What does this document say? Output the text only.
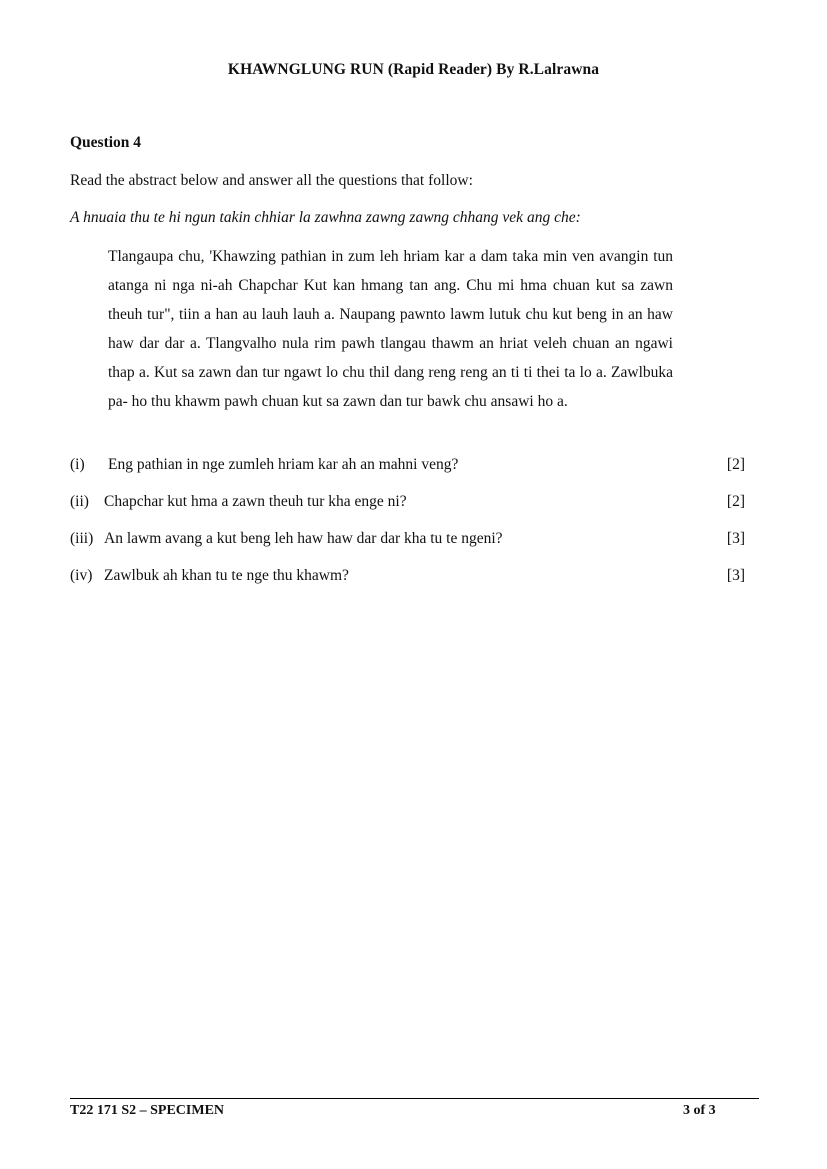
KHAWNGLUNG RUN (Rapid Reader) By R.Lalrawna
Question 4
Read the abstract below and answer all the questions that follow:
A hnuaia thu te hi ngun takin chhiar la zawhna zawng zawng chhang vek ang che:

Tlangaupa chu, 'Khawzing pathian in zum leh hriam kar a dam taka min ven avangin tun atanga ni nga ni-ah Chapchar Kut kan hmang tan ang. Chu mi hma chuan kut sa zawn theuh tur", tiin a han au lauh lauh a. Naupang pawnto lawm lutuk chu kut beng in an haw haw dar dar a. Tlangvalho nula rim pawh tlangau thawm an hriat veleh chuan an ngawi thap a. Kut sa zawn dan tur ngawt lo chu thil dang reng reng an ti ti thei ta lo a. Zawlbuka pa- ho thu khawm pawh chuan kut sa zawn dan tur bawk chu ansawi ho a.

(i) Eng pathian in nge zumleh hriam kar ah an mahni veng?	[2]
(ii) Chapchar kut hma a zawn theuh tur kha enge ni?	[2]
(iii) An lawm avang a kut beng leh haw haw dar dar kha tu te ngeni?	[3]
(iv) Zawlbuk ah khan tu te nge thu khawm?	[3]
T22 171 S2 – SPECIMEN	3 of 3
